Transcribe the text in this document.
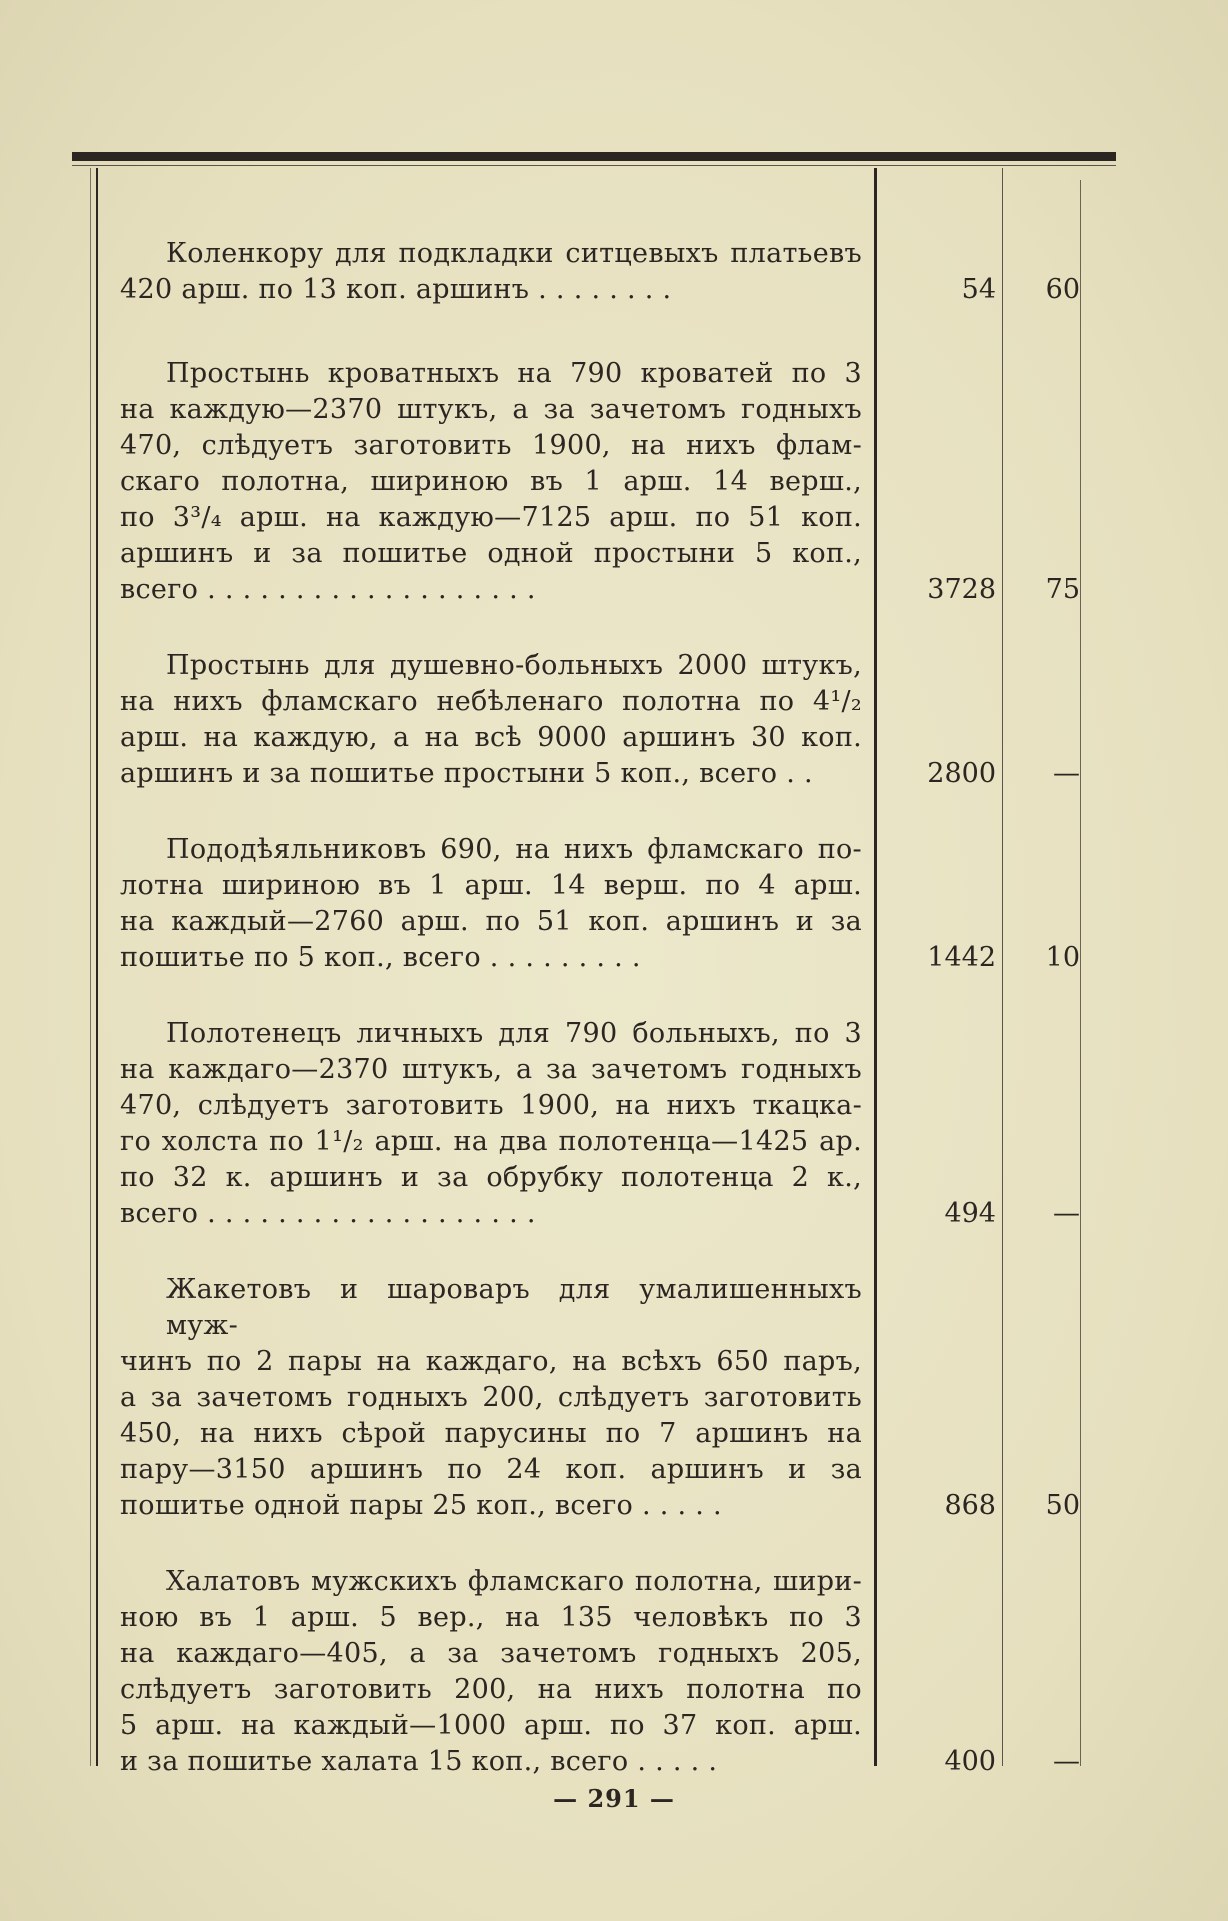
Коленкору для подкладки ситцевыхъ платьевъ
420 арш. по 13 коп. аршинъ . . . . . . . .	54	60
Простынь кроватныхъ на 790 кроватей по 3
на каждую—2370 штукъ, а за зачетомъ годныхъ
470, слѣдуетъ заготовить 1900, на нихъ флам-
скаго полотна, шириною въ 1 арш. 14 верш.,
по 3³/₄ арш. на каждую—7125 арш. по 51 коп.
аршинъ и за пошитье одной простыни 5 коп.,
всего . . . . . . . . . . . . . . . . . . .	3728	75
Простынь для душевно-больныхъ 2000 штукъ,
на нихъ фламскаго небѣленаго полотна по 4¹/₂
арш. на каждую, а на всѣ 9000 аршинъ 30 коп.
аршинъ и за пошитье простыни 5 коп., всего . .	2800	—
Пододѣяльниковъ 690, на нихъ фламскаго по-
лотна шириною въ 1 арш. 14 верш. по 4 арш.
на каждый—2760 арш. по 51 коп. аршинъ и за
пошитье по 5 коп., всего . . . . . . . . .	1442	10
Полотенецъ личныхъ для 790 больныхъ, по 3
на каждаго—2370 штукъ, а за зачетомъ годныхъ
470, слѣдуетъ заготовить 1900, на нихъ ткацка-
го холста по 1¹/₂ арш. на два полотенца—1425 ар.
по 32 к. аршинъ и за обрубку полотенца 2 к.,
всего . . . . . . . . . . . . . . . . . . .	494	—
Жакетовъ и шароваръ для умалишенныхъ муж-
чинъ по 2 пары на каждаго, на всѣхъ 650 паръ,
а за зачетомъ годныхъ 200, слѣдуетъ заготовить
450, на нихъ сѣрой парусины по 7 аршинъ на
пару—3150 аршинъ по 24 коп. аршинъ и за
пошитье одной пары 25 коп., всего . . . . .	868	50
Халатовъ мужскихъ фламскаго полотна, шири-
ною въ 1 арш. 5 вер., на 135 человѣкъ по 3
на каждаго—405, а за зачетомъ годныхъ 205,
слѣдуетъ заготовить 200, на нихъ полотна по
5 арш. на каждый—1000 арш. по 37 коп. арш.
и за пошитье халата 15 коп., всего . . . . .	400	—
— 291 —
